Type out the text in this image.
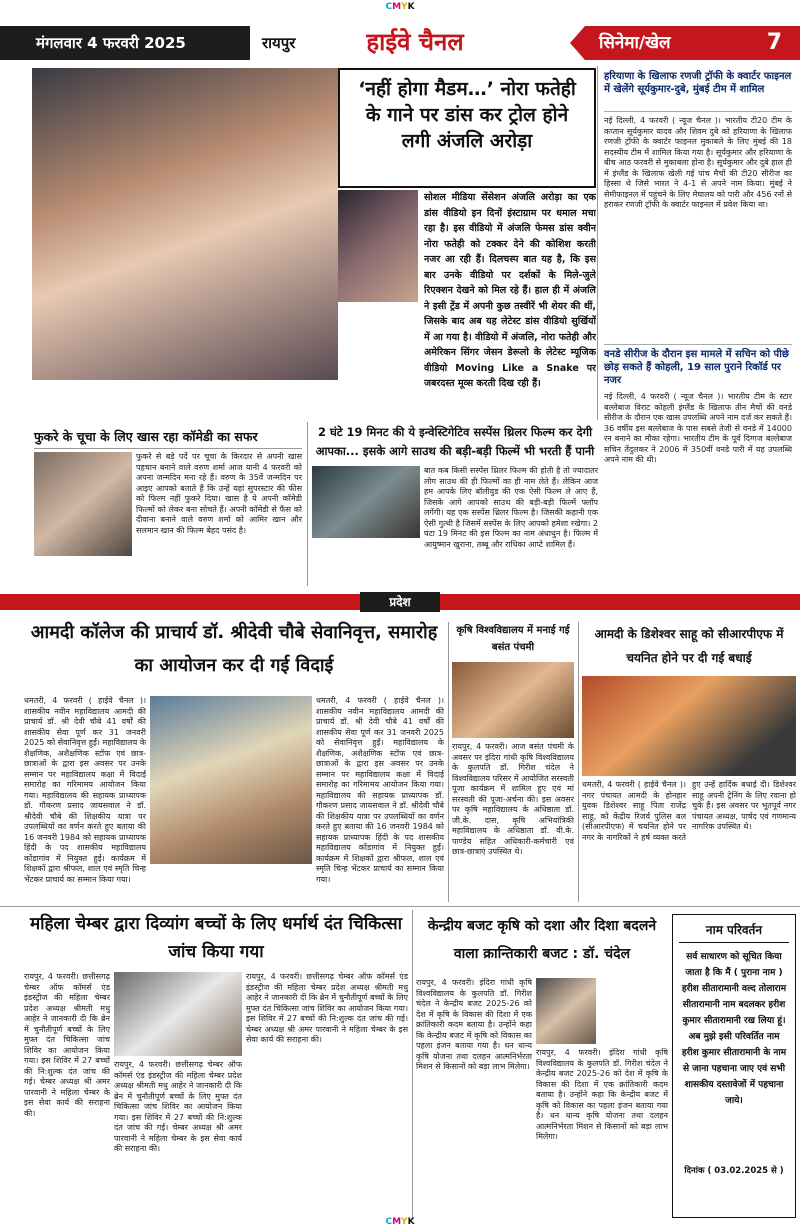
CMYK
मंगलवार 4 फरवरी 2025	रायपुर	हाईवे चैनल	सिनेमा/खेल	7
‘नहीं होगा मैडम…’ नोरा फतेही के गाने पर डांस कर ट्रोल होने लगी अंजलि अरोड़ा
सोशल मीडिया सेंसेशन अंजलि अरोड़ा का एक डांस वीडियो इन दिनों इंस्टाग्राम पर धमाल मचा रहा है। इस वीडियो में अंजलि फेमस डांस क्वीन नोरा फतेही को टक्कर देने की कोशिश करती नजर आ रही हैं। दिलचस्प बात यह है, कि इस बार उनके वीडियो पर दर्शकों के मिले-जुले रिएक्शन देखने को मिल रहे हैं। हाल ही में अंजलि ने इसी ट्रेंड में अपनी कुछ तस्वीरें भी शेयर की थीं, जिसके बाद अब यह लेटेस्ट डांस वीडियो सुर्खियों में आ गया है। वीडियो में अंजलि, नोरा फतेही और अमेरिकन सिंगर जेसन डेरूलो के लेटेस्ट म्यूजिक वीडियो Moving Like a Snake पर जबरदस्त मूव्स करती दिख रही हैं।
हरियाणा के खिलाफ रणजी ट्रॉफी के क्वार्टर फाइनल में खेलेंगे सूर्यकुमार-दुबे, मुंबई टीम में शामिल
नई दिल्ली, 4 फरवरी ( न्यूज चैनल )। भारतीय टी20 टीम के कप्तान सूर्यकुमार यादव और शिवम दुबे को हरियाणा के खिलाफ रणजी ट्रॉफी के क्वार्टर फाइनल मुकाबले के लिए मुंबई की 18 सदस्यीय टीम में शामिल किया गया है। सूर्यकुमार और हरियाणा के बीच आठ फरवरी से मुकाबला होना है। सूर्यकुमार और दुबे हाल ही में इंग्लैंड के खिलाफ खेली गई पांच मैचों की टी20 सीरीज का हिस्सा थे जिसे भारत ने 4-1 से अपने नाम किया। मुंबई ने सेमीफाइनल में पहुंचने के लिए मेघालय को पारी और 456 रनों से हराकर रणजी ट्रॉफी के क्वार्टर फाइनल में प्रवेश किया था।
वनडे सीरीज के दौरान इस मामले में सचिन को पीछे छोड़ सकते हैं कोहली, 19 साल पुराने रिकॉर्ड पर नजर
नई दिल्ली, 4 फरवरी ( न्यूज चैनल )। भारतीय टीम के स्टार बल्लेबाज विराट कोहली इंग्लैंड के खिलाफ तीन मैचों की वनडे सीरीज के दौरान एक खास उपलब्धि अपने नाम दर्ज कर सकते हैं। 36 वर्षीय इस बल्लेबाज के पास सबसे तेजी से वनडे में 14000 रन बनाने का मौका रहेगा। भारतीय टीम के पूर्व दिग्गज बल्लेबाज सचिन तेंदुलकर ने 2006 में 350वीं वनडे पारी में यह उपलब्धि अपने नाम की थी।
फुकरे के चूचा के लिए खास रहा कॉमेडी का सफर
फुकरे से बड़े पर्दे पर चूचा के किरदार से अपनी खास पहचान बनाने वाले वरुण शर्मा आज यानी 4 फरवरी को अपना जन्मदिन मना रहे हैं। वरुण के 35वें जन्मदिन पर आइए आपको बताते हैं कि उन्हें यहां सुपरस्टार की फीस को फिल्म नहीं फुकरे दिया। खास है ये अपनी कॉमेडी फिल्मों को लेकर बना सोचते हैं। अपनी कॉमेडी से फैंस को दीवाना बनाने वाले वरुण शर्मा को आमिर खान और सलमान खान की फिल्म बेहद पसंद है।
2 घंटे 19 मिनट की ये इन्वेस्टिगेटिव सस्पेंस थ्रिलर फिल्म कर देगी आपका... इसके आगे साउथ की बड़ी-बड़ी फिल्में भी भरती हैं पानी
बात कब किसी सस्पेंस थ्रिलर फिल्म की होती है तो ज्यादातर लोग साउथ की ही फिल्मों का ही नाम लेते हैं। लेकिन आज हम आपके लिए बॉलीवुड की एक ऐसी फिल्म ले आए हैं, जिसके आगे आपको साउथ की बड़ी-बड़ी फिल्में फ्लॉप लगेंगी। यह एक सस्पेंस थ्रिलर फिल्म है। जिसकी कहानी एक ऐसी गुत्थी है जिसमें सस्पेंस के लिए आपको हमेशा रखेगा। 2 घंटा 19 मिनट की इस फिल्म का नाम अंधाधुन है। फिल्म में आयुष्मान खुराना, तब्बू और राधिका आप्टे शामिल हैं।
प्रदेश
आमदी कॉलेज की प्राचार्य डॉ. श्रीदेवी चौबे सेवानिवृत्त, समारोह का आयोजन कर दी गई विदाई
धमतरी, 4 फरवरी ( हाईवे चैनल )। शासकीय नवीन महाविद्यालय आमदी की प्राचार्य डॉ. श्री देवी चौबे 41 वर्षों की शासकीय सेवा पूर्ण कर 31 जनवरी 2025 को सेवानिवृत्त हुईं। महाविद्यालय के शैक्षणिक, अशैक्षणिक स्टॉफ एवं छात्र-छात्राओं के द्वारा इस अवसर पर उनके सम्मान पर महाविद्यालय कक्षा में विदाई समारोह का गरिमामय आयोजन किया गया। महाविद्यालय की सहायक प्राध्यापक डॉ. गौकरण प्रसाद जायसवाल ने डॉ. श्रीदेवी चौबे की शिक्षकीय यात्रा पर उपलब्धियों का वर्णन करते हुए बताया की 16 जनवरी 1984 को सहायक प्राध्यापक हिंदी के पद शासकीय महाविद्यालय कोंडागांव में नियुक्त हुईं। कार्यक्रम में शिक्षकों द्वारा श्रीफल, शाल एवं स्मृति चिन्ह भेंटकर प्राचार्य का सम्मान किया गया।
धमतरी, 4 फरवरी ( हाईवे चैनल )। शासकीय नवीन महाविद्यालय आमदी की प्राचार्य डॉ. श्री देवी चौबे 41 वर्षों की शासकीय सेवा पूर्ण कर 31 जनवरी 2025 को सेवानिवृत्त हुईं। महाविद्यालय के शैक्षणिक, अशैक्षणिक स्टॉफ एवं छात्र-छात्राओं के द्वारा इस अवसर पर उनके सम्मान पर महाविद्यालय कक्षा में विदाई समारोह का गरिमामय आयोजन किया गया। महाविद्यालय की सहायक प्राध्यापक डॉ. गौकरण प्रसाद जायसवाल ने डॉ. श्रीदेवी चौबे की शिक्षकीय यात्रा पर उपलब्धियों का वर्णन करते हुए बताया की 16 जनवरी 1984 को सहायक प्राध्यापक हिंदी के पद शासकीय महाविद्यालय कोंडागांव में नियुक्त हुईं। कार्यक्रम में शिक्षकों द्वारा श्रीफल, शाल एवं स्मृति चिन्ह भेंटकर प्राचार्य का सम्मान किया गया।
कृषि विश्वविद्यालय में मनाई गई बसंत पंचमी
रायपुर, 4 फरवरी। आज बसंत पंचमी के अवसर पर इंदिरा गांधी कृषि विश्वविद्यालय के कुलपति डॉ. गिरीश चंदेल ने विश्वविद्यालय परिसर में आयोजित सरस्वती पूजा कार्यक्रम में शामिल हुए एवं मां सरस्वती की पूजा-अर्चना की। इस अवसर पर कृषि महाविद्यालय के अधिष्ठाता डॉ. जी.के. दास, कृषि अभियांत्रिकी महाविद्यालय के अधिष्ठाता डॉ. वी.के. पाण्डेय सहित अधिकारी-कर्मचारी एवं छात्र-छात्राएं उपस्थित थे।
आमदी के डिशेश्वर साहू को सीआरपीएफ में चयनित होने पर दी गई बधाई
धमतरी, 4 फरवरी ( हाईवे चैनल )। नगर पंचायत आमदी के होनहार युवक डिशेश्वर साहू पिता राजेंद्र साहू, को केंद्रीय रिजर्व पुलिस बल (सीआरपीएफ) में चयनित होने पर नगर के नागरिकों ने हर्ष व्यक्त करते हुए उन्हें हार्दिक बधाई दी। डिशेश्वर साहू अपनी ट्रेनिंग के लिए रवाना हो चुके हैं। इस अवसर पर भूतपूर्व नगर पंचायत अध्यक्ष, पार्षद एवं गणमान्य नागरिक उपस्थित थे।
महिला चेम्बर द्वारा दिव्यांग बच्चों के लिए धर्मार्थ दंत चिकित्सा जांच किया गया
रायपुर, 4 फरवरी। छत्तीसगढ़ चेम्बर ऑफ कॉमर्स एंड इंडस्ट्रीज की महिला चेम्बर प्रदेश अध्यक्ष श्रीमती मधु आहेर ने जानकारी दी कि ब्रेन में चुनौतीपूर्ण बच्चों के लिए मुफ्त दंत चिकित्सा जांच शिविर का आयोजन किया गया। इस शिविर में 27 बच्चों की नि:शुल्क दंत जांच की गई। चेम्बर अध्यक्ष श्री अमर पारवानी ने महिला चेम्बर के इस सेवा कार्य की सराहना की।
रायपुर, 4 फरवरी। छत्तीसगढ़ चेम्बर ऑफ कॉमर्स एंड इंडस्ट्रीज की महिला चेम्बर प्रदेश अध्यक्ष श्रीमती मधु आहेर ने जानकारी दी कि ब्रेन में चुनौतीपूर्ण बच्चों के लिए मुफ्त दंत चिकित्सा जांच शिविर का आयोजन किया गया। इस शिविर में 27 बच्चों की नि:शुल्क दंत जांच की गई। चेम्बर अध्यक्ष श्री अमर पारवानी ने महिला चेम्बर के इस सेवा कार्य की सराहना की।
रायपुर, 4 फरवरी। छत्तीसगढ़ चेम्बर ऑफ कॉमर्स एंड इंडस्ट्रीज की महिला चेम्बर प्रदेश अध्यक्ष श्रीमती मधु आहेर ने जानकारी दी कि ब्रेन में चुनौतीपूर्ण बच्चों के लिए मुफ्त दंत चिकित्सा जांच शिविर का आयोजन किया गया। इस शिविर में 27 बच्चों की नि:शुल्क दंत जांच की गई। चेम्बर अध्यक्ष श्री अमर पारवानी ने महिला चेम्बर के इस सेवा कार्य की सराहना की।
केन्द्रीय बजट कृषि को दशा और दिशा बदलने वाला क्रान्तिकारी बजट : डॉ. चंदेल
रायपुर, 4 फरवरी। इंदिरा गांधी कृषि विश्वविद्यालय के कुलपति डॉ. गिरीश चंदेल ने केन्द्रीय बजट 2025-26 को देश में कृषि के विकास की दिशा में एक क्रांतिकारी कदम बताया है। उन्होंने कहा कि केन्द्रीय बजट में कृषि को विकास का पहला इंजन बताया गया है। धन धान्य कृषि योजना तथा दलहन आत्मनिर्भरता मिशन से किसानों को बड़ा लाभ मिलेगा।
रायपुर, 4 फरवरी। इंदिरा गांधी कृषि विश्वविद्यालय के कुलपति डॉ. गिरीश चंदेल ने केन्द्रीय बजट 2025-26 को देश में कृषि के विकास की दिशा में एक क्रांतिकारी कदम बताया है। उन्होंने कहा कि केन्द्रीय बजट में कृषि को विकास का पहला इंजन बताया गया है। धन धान्य कृषि योजना तथा दलहन आत्मनिर्भरता मिशन से किसानों को बड़ा लाभ मिलेगा।
नाम परिवर्तन
सर्व साधारण को सूचित किया जाता है कि मैं ( पुराना नाम ) हरीश सीतारामानी वल्द तोलाराम सीतारामानी नाम बदलकर हरीश कुमार सीतारामानी रख लिया हूं। अब मुझे इसी परिवर्तित नाम हरीश कुमार सीतारामानी के नाम से जाना पहचाना जाए एवं सभी शासकीय दस्तावेजों में पहचाना जाये।
दिनांक ( 03.02.2025 से )
CMYK
